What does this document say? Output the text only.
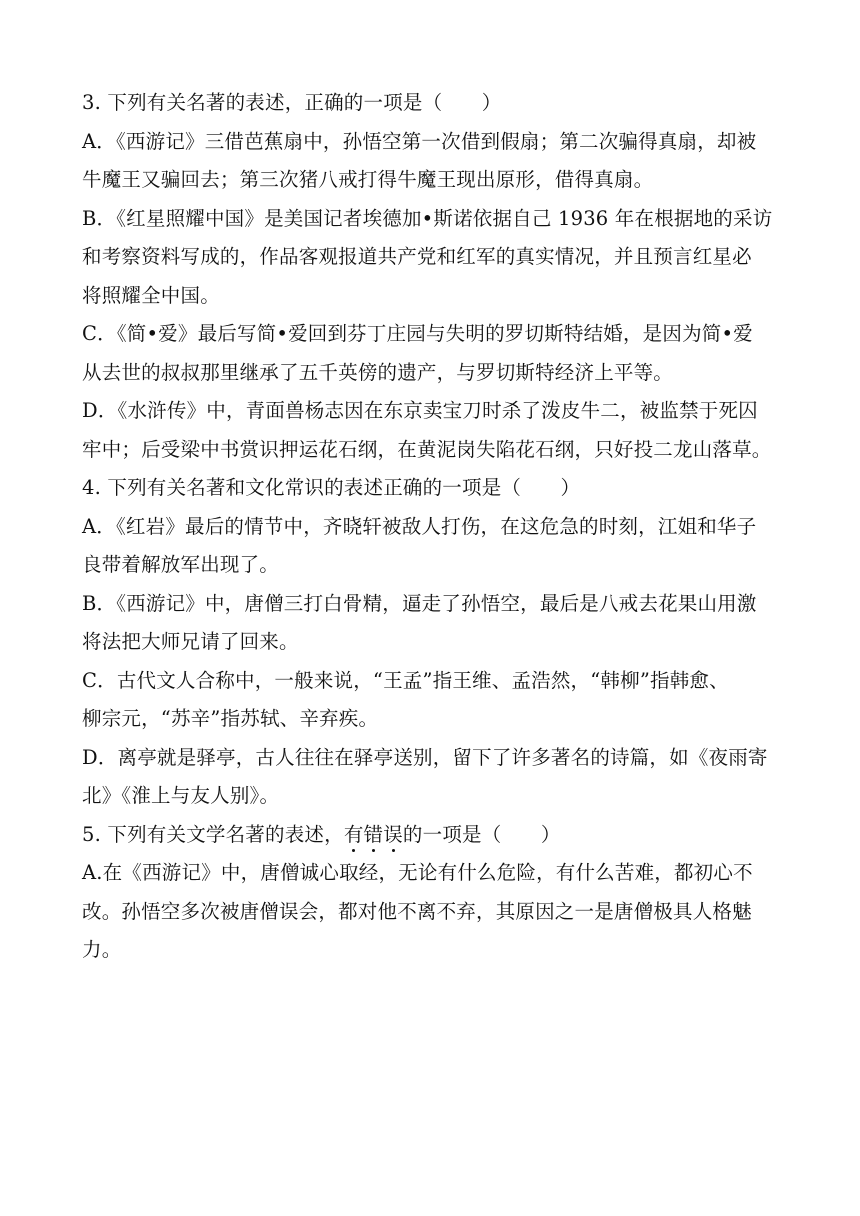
3. 下列有关名著的表述，正确的一项是（　　）
A．《西游记》三借芭蕉扇中，孙悟空第一次借到假扇；第二次骗得真扇，却被
牛魔王又骗回去；第三次猪八戒打得牛魔王现出原形，借得真扇。
B．《红星照耀中国》是美国记者埃德加•斯诺依据自己 1936 年在根据地的采访
和考察资料写成的，作品客观报道共产党和红军的真实情况，并且预言红星必
将照耀全中国。
C．《简•爱》最后写简•爱回到芬丁庄园与失明的罗切斯特结婚，是因为简•爱
从去世的叔叔那里继承了五千英傍的遗产，与罗切斯特经济上平等。
D．《水浒传》中，青面兽杨志因在东京卖宝刀时杀了泼皮牛二，被监禁于死囚
牢中；后受梁中书赏识押运花石纲，在黄泥岗失陷花石纲，只好投二龙山落草。
4. 下列有关名著和文化常识的表述正确的一项是（　　）
A．《红岩》最后的情节中，齐晓轩被敌人打伤，在这危急的时刻，江姐和华子
良带着解放军出现了。
B．《西游记》中，唐僧三打白骨精，逼走了孙悟空，最后是八戒去花果山用激
将法把大师兄请了回来。
C．古代文人合称中，一般来说，“王孟”指王维、孟浩然，“韩柳”指韩愈、
柳宗元，“苏辛”指苏轼、辛弃疾。
D．离亭就是驿亭，古人往往在驿亭送别，留下了许多著名的诗篇，如《夜雨寄
北》《淮上与友人别》。
5. 下列有关文学名著的表述，有错误的一项是（　　）
A.在《西游记》中，唐僧诚心取经，无论有什么危险，有什么苦难，都初心不
改。孙悟空多次被唐僧误会，都对他不离不弃，其原因之一是唐僧极具人格魅
力。
